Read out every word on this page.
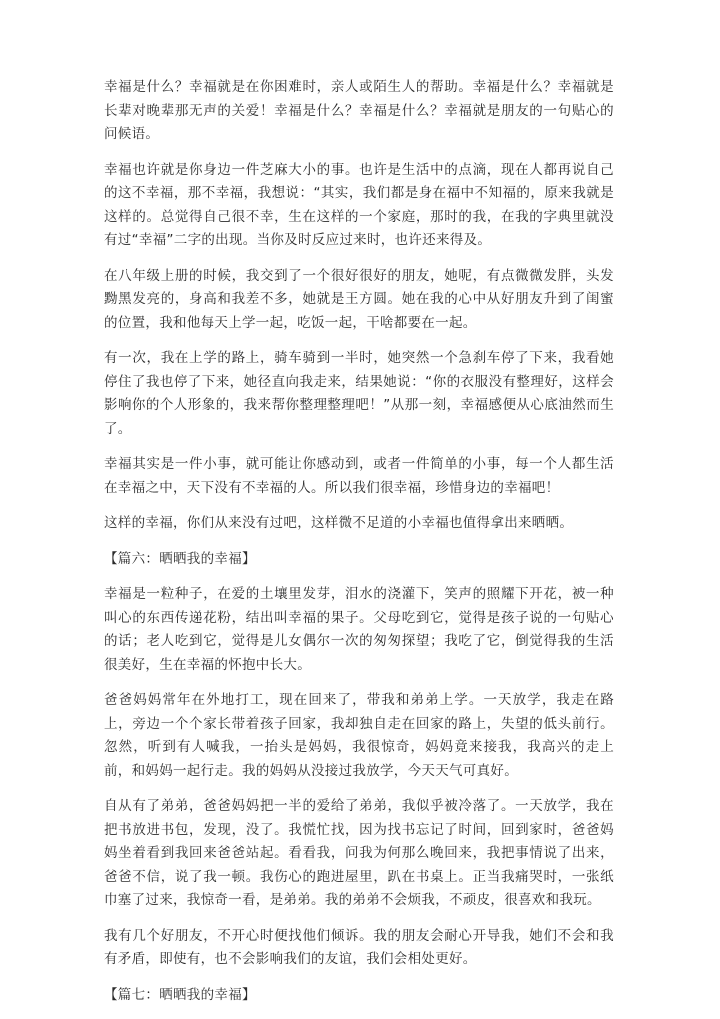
幸福是什么？幸福就是在你困难时，亲人或陌生人的帮助。幸福是什么？幸福就是长辈对晚辈那无声的关爱！幸福是什么？幸福是什么？幸福就是朋友的一句贴心的问候语。

幸福也许就是你身边一件芝麻大小的事。也许是生活中的点滴，现在人都再说自己的这不幸福，那不幸福，我想说：“其实，我们都是身在福中不知福的，原来我就是这样的。总觉得自己很不幸，生在这样的一个家庭，那时的我，在我的字典里就没有过“幸福”二字的出现。当你及时反应过来时，也许还来得及。

在八年级上册的时候，我交到了一个很好很好的朋友，她呢，有点微微发胖，头发黝黑发亮的，身高和我差不多，她就是王方圆。她在我的心中从好朋友升到了闺蜜的位置，我和他每天上学一起，吃饭一起，干啥都要在一起。

有一次，我在上学的路上，骑车骑到一半时，她突然一个急刹车停了下来，我看她停住了我也停了下来，她径直向我走来，结果她说：“你的衣服没有整理好，这样会影响你的个人形象的，我来帮你整理整理吧！”从那一刻，幸福感便从心底油然而生了。

幸福其实是一件小事，就可能让你感动到，或者一件简单的小事，每一个人都生活在幸福之中，天下没有不幸福的人。所以我们很幸福，珍惜身边的幸福吧！

这样的幸福，你们从来没有过吧，这样微不足道的小幸福也值得拿出来晒晒。

【篇六：晒晒我的幸福】

幸福是一粒种子，在爱的土壤里发芽，泪水的浇灌下，笑声的照耀下开花，被一种叫心的东西传递花粉，结出叫幸福的果子。父母吃到它，觉得是孩子说的一句贴心的话；老人吃到它，觉得是儿女偶尔一次的匆匆探望；我吃了它，倒觉得我的生活很美好，生在幸福的怀抱中长大。

爸爸妈妈常年在外地打工，现在回来了，带我和弟弟上学。一天放学，我走在路上，旁边一个个家长带着孩子回家，我却独自走在回家的路上，失望的低头前行。忽然，听到有人喊我，一抬头是妈妈，我很惊奇，妈妈竟来接我，我高兴的走上前，和妈妈一起行走。我的妈妈从没接过我放学，今天天气可真好。

自从有了弟弟，爸爸妈妈把一半的爱给了弟弟，我似乎被冷落了。一天放学，我在把书放进书包，发现，没了。我慌忙找，因为找书忘记了时间，回到家时，爸爸妈妈坐着看到我回来爸爸站起。看看我，问我为何那么晚回来，我把事情说了出来，爸爸不信，说了我一顿。我伤心的跑进屋里，趴在书桌上。正当我痛哭时，一张纸巾塞了过来，我惊奇一看，是弟弟。我的弟弟不会烦我，不顽皮，很喜欢和我玩。

我有几个好朋友，不开心时便找他们倾诉。我的朋友会耐心开导我，她们不会和我有矛盾，即使有，也不会影响我们的友谊，我们会相处更好。

【篇七：晒晒我的幸福】
